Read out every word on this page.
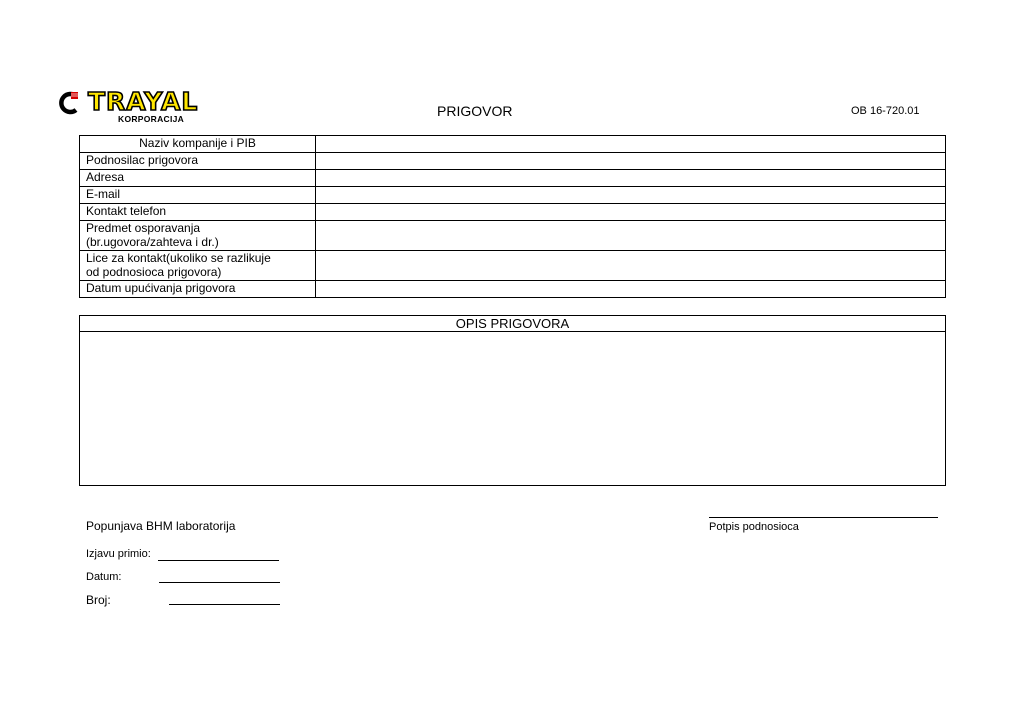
TRAYAL
KORPORACIJA	PRIGOVOR	OB 16-720.01
Naziv kompanije i PIB	
Podnosilac prigovora	
Adresa	
E-mail	
Kontakt telefon	
Predmet osporavanja
(br.ugovora/zahteva i dr.)	
Lice za kontakt(ukoliko se razlikuje
od podnosioca prigovora)	
Datum upućivanja prigovora	
OPIS PRIGOVORA
Popunjava BHM laboratorija	Potpis podnosioca
Izjavu primio:
Datum:
Broj:
